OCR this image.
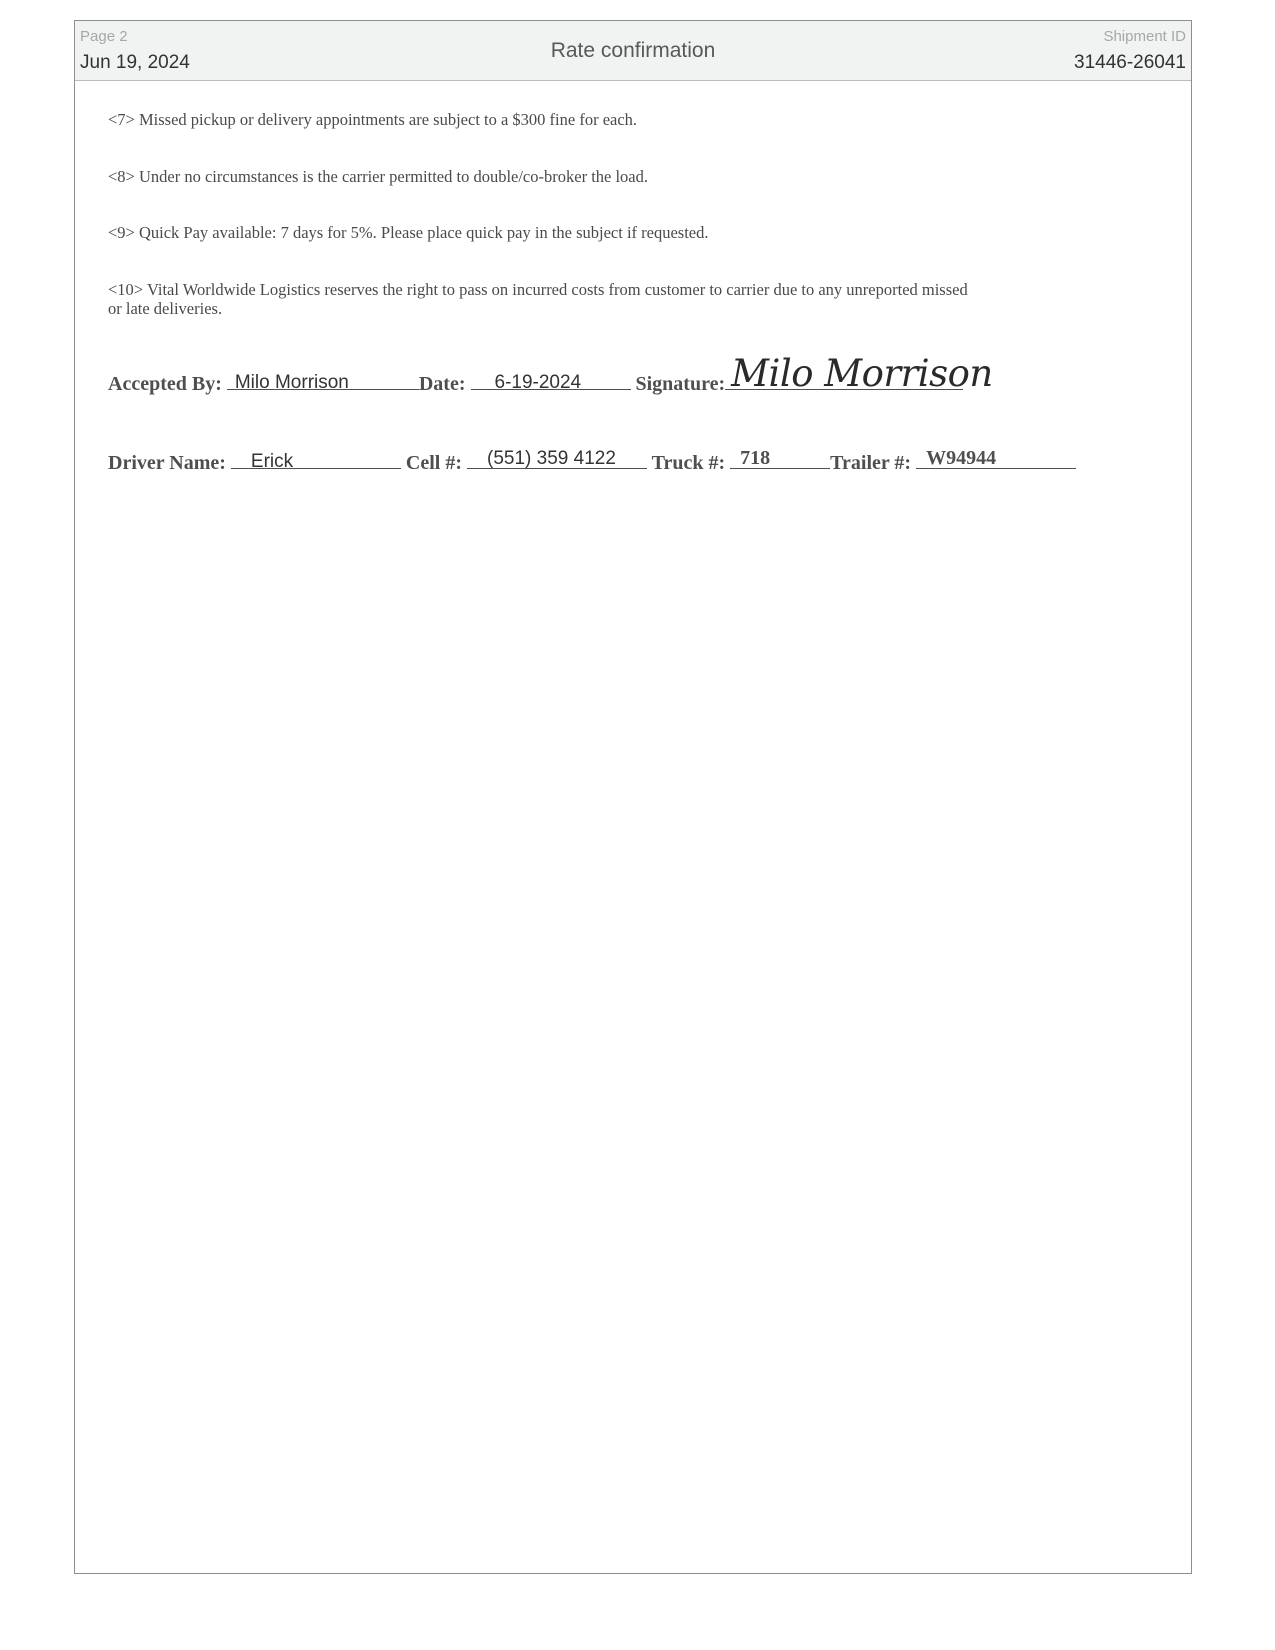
Page 2
Jun 19, 2024
Rate confirmation
Shipment ID
31446-26041
<7> Missed pickup or delivery appointments are subject to a $300 fine for each.
<8> Under no circumstances is the carrier permitted to double/co-broker the load.
<9> Quick Pay available: 7 days for 5%. Please place quick pay in the subject if requested.
<10> Vital Worldwide Logistics reserves the right to pass on incurred costs from customer to carrier due to any unreported missed or late deliveries.
Accepted By: Milo Morrison	Date: 6-19-2024	Signature: Milo Morrison
Driver Name: Erick	Cell #: (551) 359 4122	Truck #: 718	Trailer #: W94944
